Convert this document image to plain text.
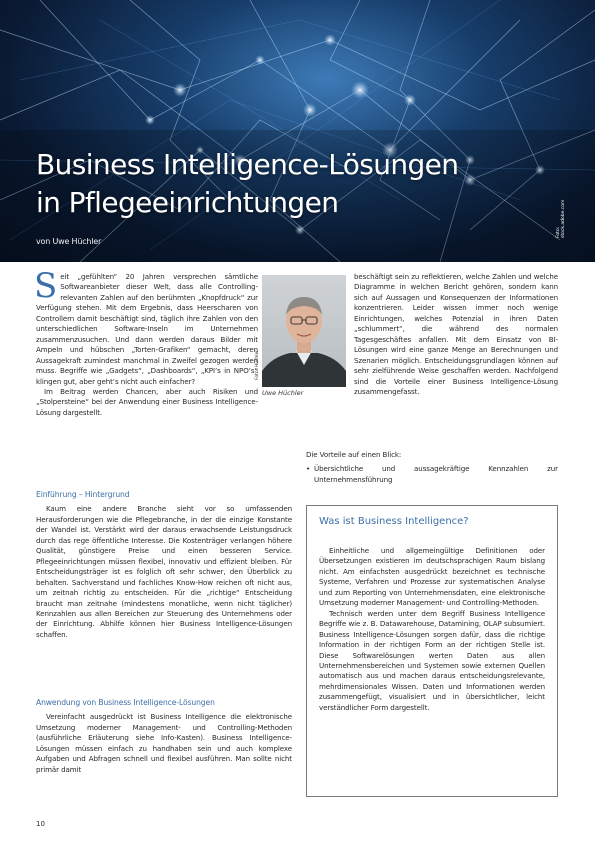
Business Intelligence-Lösungen
in Pflegeeinrichtungen
von Uwe Hüchler
Foto: stock.adobe.com

Seit „gefühlten“ 20 Jahren versprechen sämtliche Softwareanbieter dieser Welt, dass alle Controlling-relevanten Zahlen auf den berühmten „Knopfdruck“ zur Verfügung stehen. Mit dem Ergebnis, dass Heerscharen von Controllern damit beschäftigt sind, täglich ihre Zahlen von den unterschiedlichen Software-Inseln im Unternehmen zusammenzusuchen. Und dann werden daraus Bilder mit Ampeln und hübschen „Torten-Grafiken“ gemacht, deren Aussagekraft zumindest manchmal in Zweifel gezogen werden muss. Begriffe wie „Gadgets“, „Dashboards“, „KPI’s in NPO’s“ klingen gut, aber geht’s nicht auch einfacher?

Im Beitrag werden Chancen, aber auch Risiken und „Stolpersteine“ bei der Anwendung einer Business Intelligence-Lösung dargestellt.

Foto: Hüchler
Uwe Hüchler

Einführung – Hintergrund

Kaum eine andere Branche sieht vor so umfassenden Herausforderungen wie die Pflegebranche, in der die einzige Konstante der Wandel ist. Verstärkt wird der daraus erwachsende Leistungsdruck durch das rege öffentliche Interesse. Die Kostenträger verlangen höhere Qualität, günstigere Preise und einen besseren Service. Pflegeeinrichtungen müssen flexibel, innovativ und effizient bleiben. Für Entscheidungsträger ist es folglich oft sehr schwer, den Überblick zu behalten. Sachverstand und fachliches Know-How reichen oft nicht aus, um zeitnah richtig zu entscheiden. Für die „richtige“ Entscheidung braucht man zeitnahe (mindestens monatliche, wenn nicht täglicher) Kennzahlen aus allen Bereichen zur Steuerung des Unternehmens oder der Einrichtung. Abhilfe können hier Business Intelligence-Lösungen schaffen.

Anwendung von Business Intelligence-Lösungen

Vereinfacht ausgedrückt ist Business Intelligence die elektronische Umsetzung moderner Management- und Controlling-Methoden (ausführliche Erläuterung siehe Info-Kasten). Business Intelligence-Lösungen müssen einfach zu handhaben sein und auch komplexe Aufgaben und Abfragen schnell und flexibel ausführen. Man sollte nicht primär damit

beschäftigt sein zu reflektieren, welche Zahlen und welche Diagramme in welchen Bericht gehören, sondern kann sich auf Aussagen und Konsequenzen der Informationen konzentrieren. Leider wissen immer noch wenige Einrichtungen, welches Potenzial in ihren Daten „schlummert“, die während des normalen Tagesgeschäftes anfallen. Mit dem Einsatz von BI-Lösungen wird eine ganze Menge an Berechnungen und Szenarien möglich. Entscheidungsgrundlagen können auf sehr zielführende Weise geschaffen werden. Nachfolgend sind die Vorteile einer Business Intelligence-Lösung zusammengefasst.

Die Vorteile auf einen Blick:

• Übersichtliche und aussagekräftige Kennzahlen zur Unternehmensführung

Was ist Business Intelligence?

Einheitliche und allgemeingültige Definitionen oder Übersetzungen existieren im deutschsprachigen Raum bislang nicht. Am einfachsten ausgedrückt bezeichnet es technische Systeme, Verfahren und Prozesse zur systematischen Analyse und zum Reporting von Unternehmensdaten, eine elektronische Umsetzung moderner Management- und Controlling-Methoden.

Technisch werden unter dem Begriff Business Intelligence Begriffe wie z. B. Datawarehouse, Datamining, OLAP subsumiert. Business Intelligence-Lösungen sorgen dafür, dass die richtige Information in der richtigen Form an der richtigen Stelle ist. Diese Softwarelösungen werten Daten aus allen Unternehmensbereichen und Systemen sowie externen Quellen automatisch aus und machen daraus entscheidungsrelevante, mehrdimensionales Wissen. Daten und Informationen werden zusammengefügt, visualisiert und in übersichtlicher, leicht verständlicher Form dargestellt.

10
